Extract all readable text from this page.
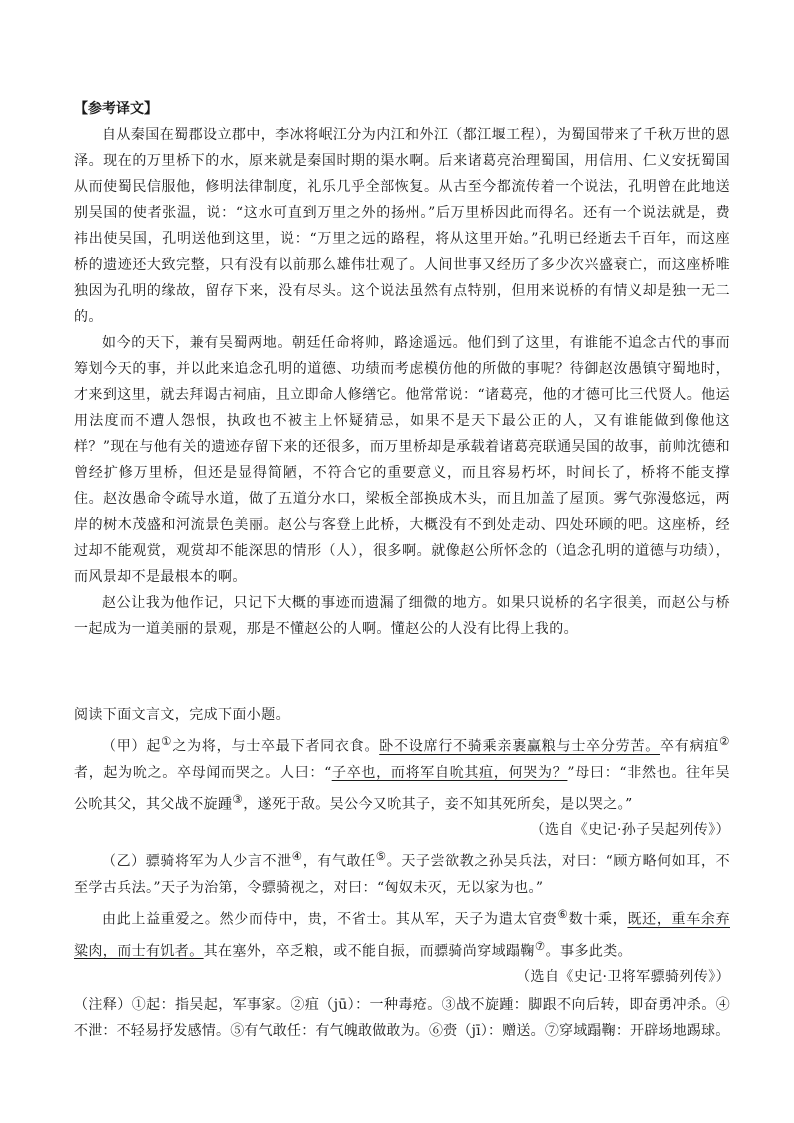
【参考译文】

自从秦国在蜀郡设立郡中，李冰将岷江分为内江和外江（都江堰工程），为蜀国带来了千秋万世的恩泽。现在的万里桥下的水，原来就是秦国时期的渠水啊。后来诸葛亮治理蜀国，用信用、仁义安抚蜀国从而使蜀民信服他，修明法律制度，礼乐几乎全部恢复。从古至今都流传着一个说法，孔明曾在此地送别吴国的使者张温，说：“这水可直到万里之外的扬州。”后万里桥因此而得名。还有一个说法就是，费祎出使吴国，孔明送他到这里，说：“万里之远的路程，将从这里开始。”孔明已经逝去千百年，而这座桥的遗迹还大致完整，只有没有以前那么雄伟壮观了。人间世事又经历了多少次兴盛衰亡，而这座桥唯独因为孔明的缘故，留存下来，没有尽头。这个说法虽然有点特别，但用来说桥的有情义却是独一无二的。

如今的天下，兼有吴蜀两地。朝廷任命将帅，路途遥远。他们到了这里，有谁能不追念古代的事而筹划今天的事，并以此来追念孔明的道德、功绩而考虑模仿他的所做的事呢？待御赵汝愚镇守蜀地时，才来到这里，就去拜谒古祠庙，且立即命人修缮它。他常常说：“诸葛亮，他的才德可比三代贤人。他运用法度而不遭人怨恨，执政也不被主上怀疑猜忌，如果不是天下最公正的人，又有谁能做到像他这样？”现在与他有关的遗迹存留下来的还很多，而万里桥却是承载着诸葛亮联通吴国的故事，前帅沈德和曾经扩修万里桥，但还是显得简陋，不符合它的重要意义，而且容易朽坏，时间长了，桥将不能支撑住。赵汝愚命令疏导水道，做了五道分水口，梁板全部换成木头，而且加盖了屋顶。雾气弥漫悠远，两岸的树木茂盛和河流景色美丽。赵公与客登上此桥，大概没有不到处走动、四处环顾的吧。这座桥，经过却不能观赏，观赏却不能深思的情形（人），很多啊。就像赵公所怀念的（追念孔明的道德与功绩），而风景却不是最根本的啊。

赵公让我为他作记，只记下大概的事迹而遗漏了细微的地方。如果只说桥的名字很美，而赵公与桥一起成为一道美丽的景观，那是不懂赵公的人啊。懂赵公的人没有比得上我的。

阅读下面文言文，完成下面小题。

（甲）起①之为将，与士卒最下者同衣食。卧不设席行不骑乘亲裹赢粮与士卒分劳苦。卒有病疽②者，起为吮之。卒母闻而哭之。人曰：“子卒也，而将军自吮其疽，何哭为？”母曰：“非然也。往年吴公吮其父，其父战不旋踵③，遂死于敌。吴公今又吮其子，妾不知其死所矣，是以哭之。”

（选自《史记·孙子吴起列传》）

（乙）骠骑将军为人少言不泄④，有气敢任⑤。天子尝欲教之孙吴兵法，对曰：“顾方略何如耳，不至学古兵法。”天子为治第，令骠骑视之，对曰：“匈奴未灭，无以家为也。”

由此上益重爱之。然少而侍中，贵，不省士。其从军，天子为遣太官赍⑥数十乘，既还，重车余弃粱肉，而士有饥者。其在塞外，卒乏粮，或不能自振，而骠骑尚穿域蹋鞠⑦。事多此类。

（选自《史记·卫将军骠骑列传》）

（注释）①起：指吴起，军事家。②疽（jū）：一种毒疮。③战不旋踵：脚跟不向后转，即奋勇冲杀。④不泄：不轻易抒发感情。⑤有气敢任：有气魄敢做敢为。⑥赍（jī）：赠送。⑦穿域蹋鞠：开辟场地踢球。
